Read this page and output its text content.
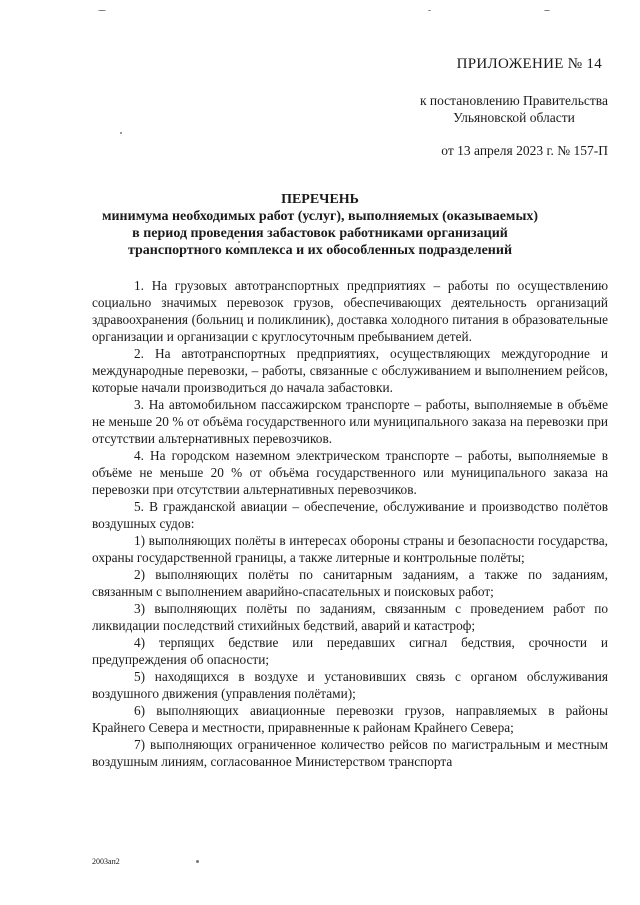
ПРИЛОЖЕНИЕ № 14
к постановлению Правительства
Ульяновской области
от 13 апреля 2023 г. № 157-П
ПЕРЕЧЕНЬ
минимума необходимых работ (услуг), выполняемых (оказываемых)
в период проведения забастовок работниками организаций
транспортного комплекса и их обособленных подразделений

1. На грузовых автотранспортных предприятиях – работы по осуществлению социально значимых перевозок грузов, обеспечивающих деятельность организаций здравоохранения (больниц и поликлиник), доставка холодного питания в образовательные организации и организации с круглосуточным пребыванием детей.

2. На автотранспортных предприятиях, осуществляющих междугородние и международные перевозки, – работы, связанные с обслуживанием и выполнением рейсов, которые начали производиться до начала забастовки.

3. На автомобильном пассажирском транспорте – работы, выполняемые в объёме не меньше 20 % от объёма государственного или муниципального заказа на перевозки при отсутствии альтернативных перевозчиков.

4. На городском наземном электрическом транспорте – работы, выполняемые в объёме не меньше 20 % от объёма государственного или муниципального заказа на перевозки при отсутствии альтернативных перевозчиков.

5. В гражданской авиации – обеспечение, обслуживание и производство полётов воздушных судов:

1) выполняющих полёты в интересах обороны страны и безопасности государства, охраны государственной границы, а также литерные и контрольные полёты;

2) выполняющих полёты по санитарным заданиям, а также по заданиям, связанным с выполнением аварийно-спасательных и поисковых работ;

3) выполняющих полёты по заданиям, связанным с проведением работ по ликвидации последствий стихийных бедствий, аварий и катастроф;

4) терпящих бедствие или передавших сигнал бедствия, срочности и предупреждения об опасности;

5) находящихся в воздухе и установивших связь с органом обслуживания воздушного движения (управления полётами);

6) выполняющих авиационные перевозки грузов, направляемых в районы Крайнего Севера и местности, приравненные к районам Крайнего Севера;

7) выполняющих ограниченное количество рейсов по магистральным и местным воздушным линиям, согласованное Министерством транспорта

2003ап2
